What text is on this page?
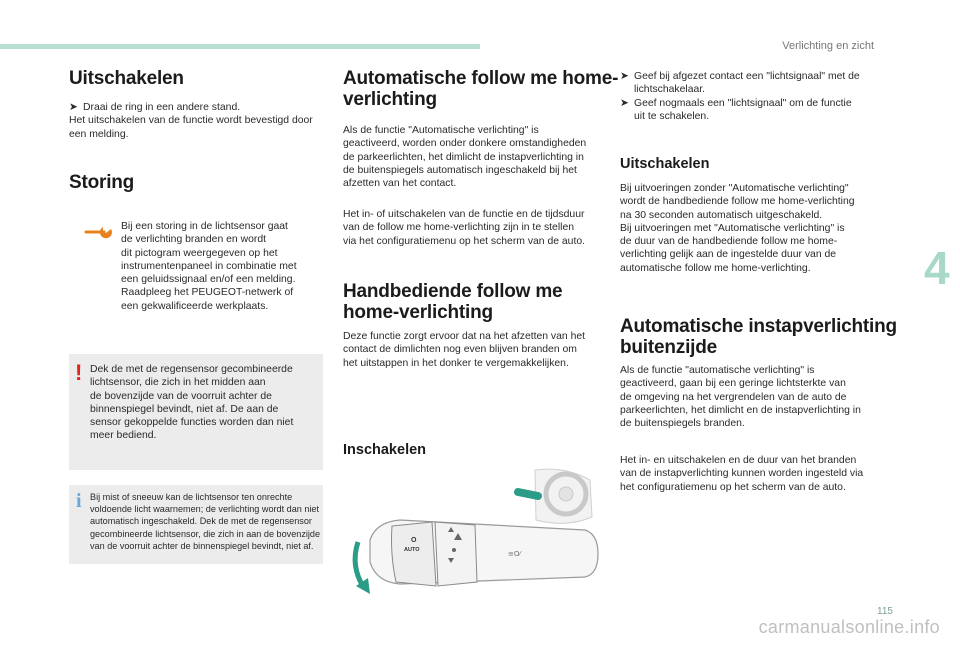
Verlichting en zicht
Uitschakelen
➤ Draai de ring in een andere stand.
Het uitschakelen van de functie wordt bevestigd door
een melding.
Storing
Bij een storing in de lichtsensor gaat
de verlichting branden en wordt
dit pictogram weergegeven op het
instrumentenpaneel in combinatie met
een geluidssignaal en/of een melding.
Raadpleeg het PEUGEOT-netwerk of
een gekwalificeerde werkplaats.
! Dek de met de regensensor gecombineerde
lichtsensor, die zich in het midden aan
de bovenzijde van de voorruit achter de
binnenspiegel bevindt, niet af. De aan de
sensor gekoppelde functies worden dan niet
meer bediend.
i Bij mist of sneeuw kan de lichtsensor ten onrechte
voldoende licht waarnemen; de verlichting wordt dan niet
automatisch ingeschakeld. Dek de met de regensensor
gecombineerde lichtsensor, die zich in aan de bovenzijde
van de voorruit achter de binnenspiegel bevindt, niet af.
Automatische follow me home-
verlichting
Als de functie "Automatische verlichting" is
geactiveerd, worden onder donkere omstandigheden
de parkeerlichten, het dimlicht de instapverlichting in
de buitenspiegels automatisch ingeschakeld bij het
afzetten van het contact.
Het in- of uitschakelen van de functie en de tijdsduur
van de follow me home-verlichting zijn in te stellen
via het configuratiemenu op het scherm van de auto.
Handbediende follow me
home-verlichting
Deze functie zorgt ervoor dat na het afzetten van het
contact de dimlichten nog even blijven branden om
het uitstappen in het donker te vergemakkelijken.
Inschakelen
O
AUTO	≡O⁄
➤ Geef bij afgezet contact een "lichtsignaal" met de
lichtschakelaar.
➤ Geef nogmaals een "lichtsignaal" om de functie
uit te schakelen.
Uitschakelen
Bij uitvoeringen zonder "Automatische verlichting"
wordt de handbediende follow me home-verlichting
na 30 seconden automatisch uitgeschakeld.
Bij uitvoeringen met "Automatische verlichting" is
de duur van de handbediende follow me home-
verlichting gelijk aan de ingestelde duur van de
automatische follow me home-verlichting.
Automatische instapverlichting
buitenzijde
Als de functie "automatische verlichting" is
geactiveerd, gaan bij een geringe lichtsterkte van
de omgeving na het vergrendelen van de auto de
parkeerlichten, het dimlicht en de instapverlichting in
de buitenspiegels branden.
Het in- en uitschakelen en de duur van het branden
van de instapverlichting kunnen worden ingesteld via
het configuratiemenu op het scherm van de auto.
4
115
carmanualsonline.info
